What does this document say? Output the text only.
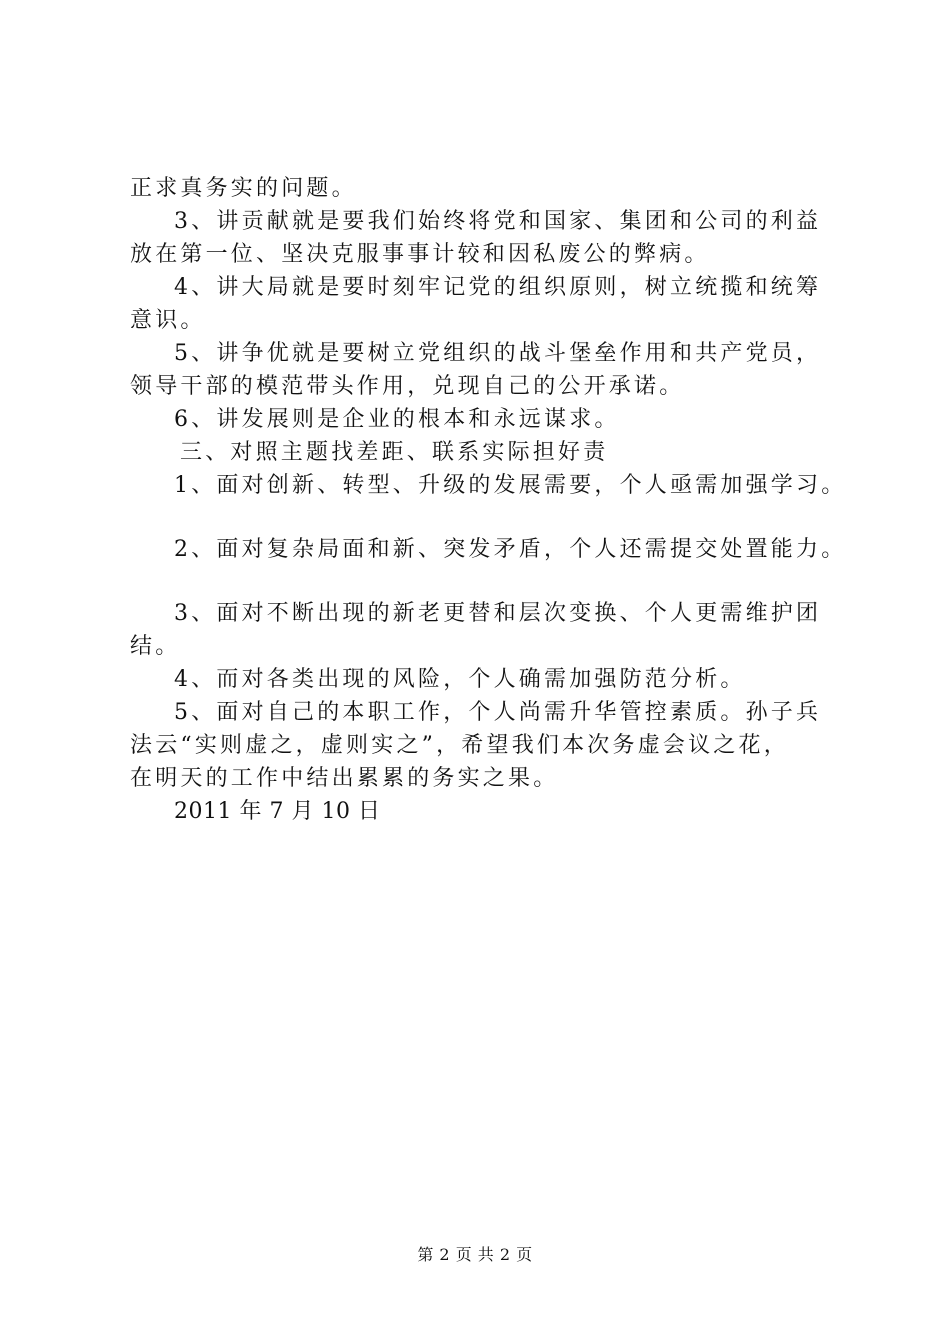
正求真务实的问题。
3、讲贡献就是要我们始终将党和国家、集团和公司的利益
放在第一位、坚决克服事事计较和因私废公的弊病。
4、讲大局就是要时刻牢记党的组织原则，树立统揽和统筹
意识。
5、讲争优就是要树立党组织的战斗堡垒作用和共产党员，
领导干部的模范带头作用，兑现自己的公开承诺。
6、讲发展则是企业的根本和永远谋求。
三、对照主题找差距、联系实际担好责
1、面对创新、转型、升级的发展需要，个人亟需加强学习。
2、面对复杂局面和新、突发矛盾，个人还需提交处置能力。
3、面对不断出现的新老更替和层次变换、个人更需维护团
结。
4、而对各类出现的风险，个人确需加强防范分析。
5、面对自己的本职工作，个人尚需升华管控素质。孙子兵
法云“实则虚之，虚则实之”，希望我们本次务虚会议之花，
在明天的工作中结出累累的务实之果。
2011 年 7 月 10 日
第 2 页 共 2 页
